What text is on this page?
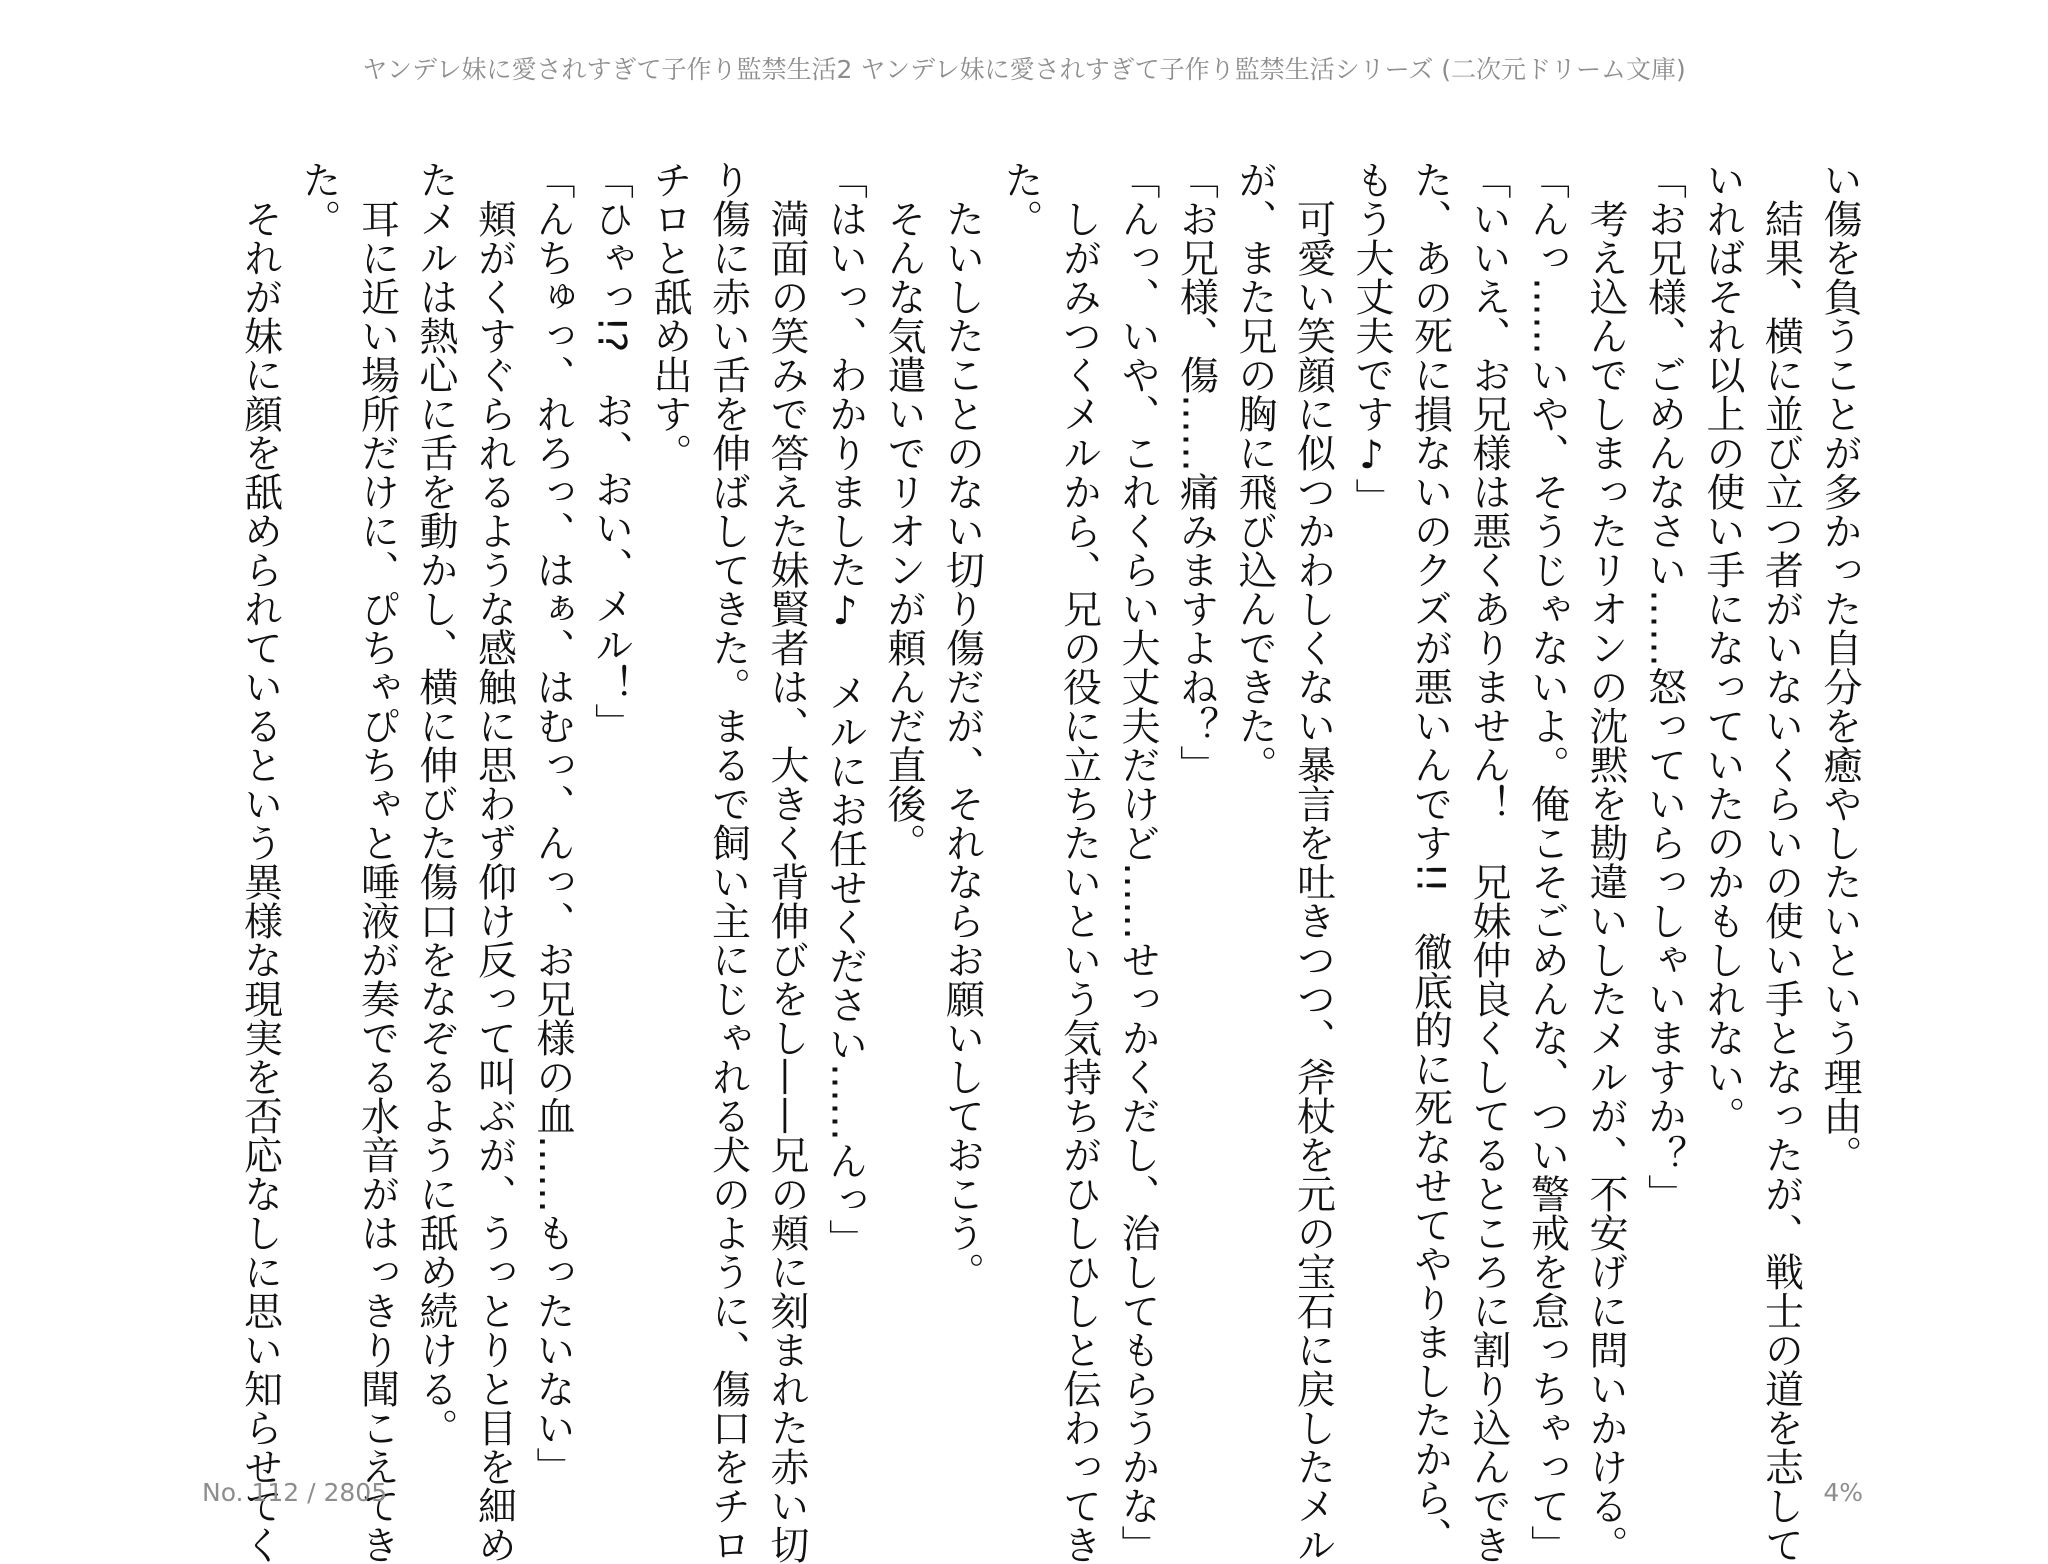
ヤンデレ妹に愛されすぎて子作り監禁生活2 ヤンデレ妹に愛されすぎて子作り監禁生活シリーズ (二次元ドリーム文庫)

い傷を負うことが多かった自分を癒やしたいという理由。

　結果、横に並び立つ者がいないくらいの使い手となったが、戦士の道を志して

いればそれ以上の使い手になっていたのかもしれない。

「お兄様、ごめんなさい……怒っていらっしゃいますか？」

　考え込んでしまったリオンの沈黙を勘違いしたメルが、不安げに問いかける。

「んっ……いや、そうじゃないよ。俺こそごめんな、つい警戒を怠っちゃって」

「いいえ、お兄様は悪くありません！　兄妹仲良くしてるところに割り込んでき

た、あの死に損ないのクズが悪いんです!!　徹底的に死なせてやりましたから、

もう大丈夫です♪」

　可愛い笑顔に似つかわしくない暴言を吐きつつ、斧杖を元の宝石に戻したメル

が、また兄の胸に飛び込んできた。

「お兄様、傷……痛みますよね？」

「んっ、いや、これくらい大丈夫だけど……せっかくだし、治してもらうかな」

　しがみつくメルから、兄の役に立ちたいという気持ちがひしひしと伝わってき

た。

　たいしたことのない切り傷だが、それならお願いしておこう。

　そんな気遣いでリオンが頼んだ直後。

「はいっ、わかりました♪　メルにお任せください……んっ」

　満面の笑みで答えた妹賢者は、大きく背伸びをし——兄の頬に刻まれた赤い切

り傷に赤い舌を伸ばしてきた。まるで飼い主にじゃれる犬のように、傷口をチロ

チロと舐め出す。

「ひゃっ!?　お、おい、メル！」

「んちゅっ、れろっ、はぁ、はむっ、んっ、お兄様の血……もったいない」

　頬がくすぐられるような感触に思わず仰け反って叫ぶが、うっとりと目を細め

たメルは熱心に舌を動かし、横に伸びた傷口をなぞるように舐め続ける。

　耳に近い場所だけに、ぴちゃぴちゃと唾液が奏でる水音がはっきり聞こえてき

た。

　それが妹に顔を舐められているという異様な現実を否応なしに思い知らせてく

No. 112 / 2805	4%
